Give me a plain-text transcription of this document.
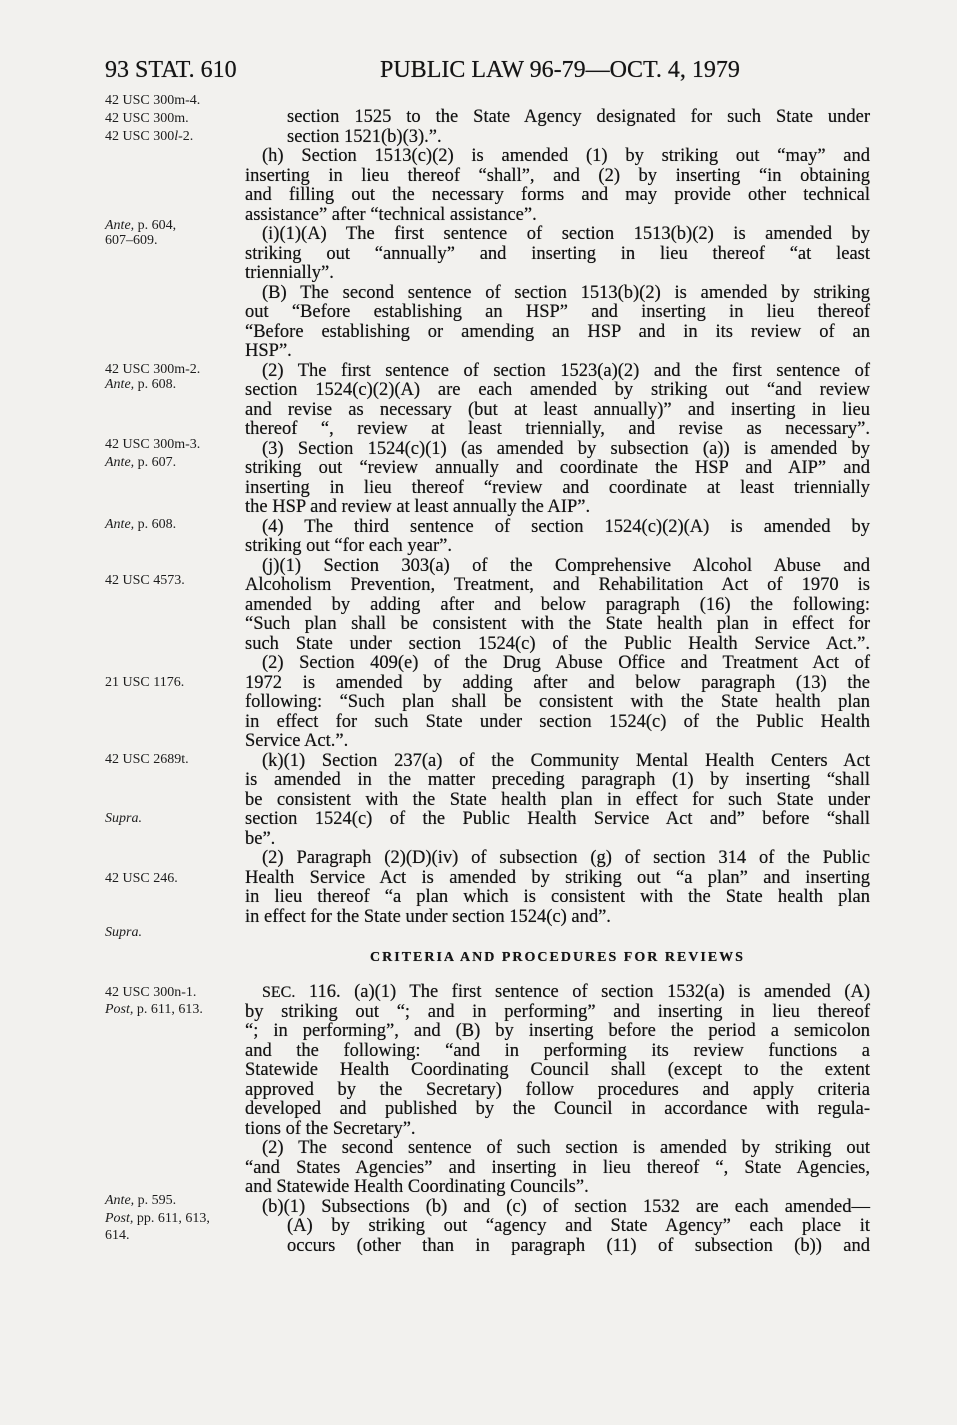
93 STAT. 610	PUBLIC LAW 96-79—OCT. 4, 1979
42 USC 300m-4.
42 USC 300m.
42 USC 300l-2.
Ante, p. 604,
607–609.
42 USC 300m-2.
Ante, p. 608.
42 USC 300m-3.
Ante, p. 607.
Ante, p. 608.
42 USC 4573.
21 USC 1176.
42 USC 2689t.
Supra.
42 USC 246.
Supra.
42 USC 300n-1.
Post, p. 611, 613.
Ante, p. 595.
Post, pp. 611, 613,
614.
section 1525 to the State Agency designated for such State under
section 1521(b)(3).”.
(h) Section 1513(c)(2) is amended (1) by striking out “may” and
inserting in lieu thereof “shall”, and (2) by inserting “in obtaining
and filling out the necessary forms and may provide other technical
assistance” after “technical assistance”.
(i)(1)(A) The first sentence of section 1513(b)(2) is amended by
striking out “annually” and inserting in lieu thereof “at least
triennially”.
(B) The second sentence of section 1513(b)(2) is amended by striking
out “Before establishing an HSP” and inserting in lieu thereof
“Before establishing or amending an HSP and in its review of an
HSP”.
(2) The first sentence of section 1523(a)(2) and the first sentence of
section 1524(c)(2)(A) are each amended by striking out “and review
and revise as necessary (but at least annually)” and inserting in lieu
thereof “, review at least triennially, and revise as necessary”.
(3) Section 1524(c)(1) (as amended by subsection (a)) is amended by
striking out “review annually and coordinate the HSP and AIP” and
inserting in lieu thereof “review and coordinate at least triennially
the HSP and review at least annually the AIP”.
(4) The third sentence of section 1524(c)(2)(A) is amended by
striking out “for each year”.
(j)(1) Section 303(a) of the Comprehensive Alcohol Abuse and
Alcoholism Prevention, Treatment, and Rehabilitation Act of 1970 is
amended by adding after and below paragraph (16) the following:
“Such plan shall be consistent with the State health plan in effect for
such State under section 1524(c) of the Public Health Service Act.”.
(2) Section 409(e) of the Drug Abuse Office and Treatment Act of
1972 is amended by adding after and below paragraph (13) the
following: “Such plan shall be consistent with the State health plan
in effect for such State under section 1524(c) of the Public Health
Service Act.”.
(k)(1) Section 237(a) of the Community Mental Health Centers Act
is amended in the matter preceding paragraph (1) by inserting “shall
be consistent with the State health plan in effect for such State under
section 1524(c) of the Public Health Service Act and” before “shall
be”.
(2) Paragraph (2)(D)(iv) of subsection (g) of section 314 of the Public
Health Service Act is amended by striking out “a plan” and inserting
in lieu thereof “a plan which is consistent with the State health plan
in effect for the State under section 1524(c) and”.
CRITERIA AND PROCEDURES FOR REVIEWS
SEC. 116. (a)(1) The first sentence of section 1532(a) is amended (A)
by striking out “; and in performing” and inserting in lieu thereof
“; in performing”, and (B) by inserting before the period a semicolon
and the following: “and in performing its review functions a
Statewide Health Coordinating Council shall (except to the extent
approved by the Secretary) follow procedures and apply criteria
developed and published by the Council in accordance with regula-
tions of the Secretary”.
(2) The second sentence of such section is amended by striking out
“and States Agencies” and inserting in lieu thereof “, State Agencies,
and Statewide Health Coordinating Councils”.
(b)(1) Subsections (b) and (c) of section 1532 are each amended—
(A) by striking out “agency and State Agency” each place it
occurs (other than in paragraph (11) of subsection (b)) and
